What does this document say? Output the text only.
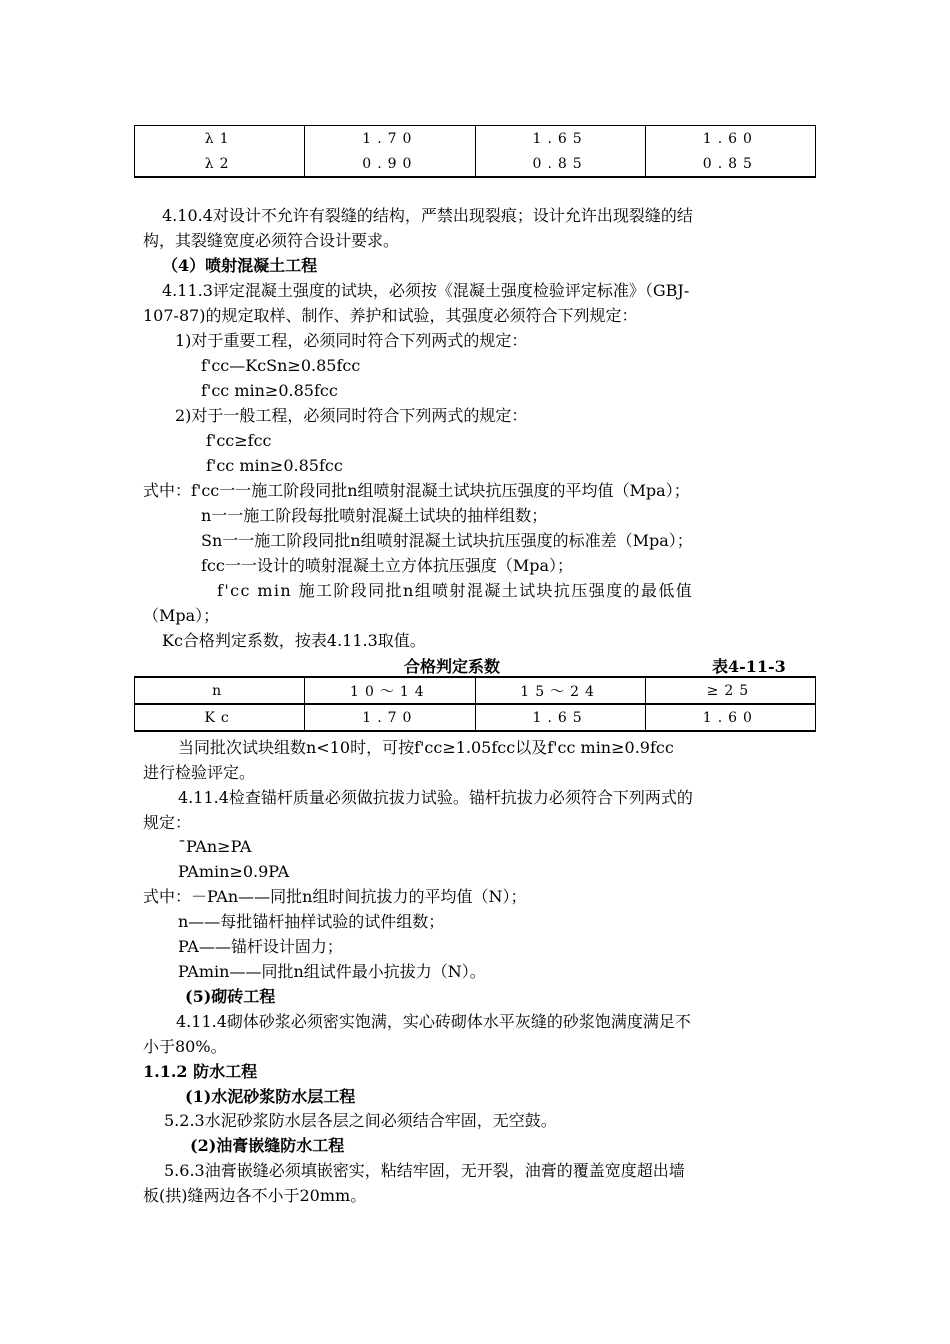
λ1	1.70	1.65	1.60
λ2	0.90	0.85	0.85
4.10.4对设计不允许有裂缝的结构，严禁出现裂痕；设计允许出现裂缝的结
构，其裂缝宽度必须符合设计要求。
（4）喷射混凝土工程
4.11.3评定混凝土强度的试块，必须按《混凝土强度检验评定标准》（GBJ-
107-87)的规定取样、制作、养护和试验，其强度必须符合下列规定：
1)对于重要工程，必须同时符合下列两式的规定：
f'cc—KcSn≥0.85fcc
f'cc min≥0.85fcc
2)对于一般工程，必须同时符合下列两式的规定：
f'cc≥fcc
f'cc min≥0.85fcc
式中：f'cc一一施工阶段同批n组喷射混凝土试块抗压强度的平均值（Mpa）；
n一一施工阶段每批喷射混凝土试块的抽样组数；
Sn一一施工阶段同批n组喷射混凝土试块抗压强度的标准差（Mpa）；
fcc一一设计的喷射混凝土立方体抗压强度（Mpa）；
f'cc min 施工阶段同批n组喷射混凝土试块抗压强度的最低值
（Mpa）；
Kc合格判定系数，按表4.11.3取值。
合格判定系数	表4-11-3
n	10～14	15～24	≥25
Kc	1.70	1.65	1.60
当同批次试块组数n<10时，可按f'cc≥1.05fcc以及f'cc min≥0.9fcc
进行检验评定。
4.11.4检查锚杆质量必须做抗拔力试验。锚杆抗拔力必须符合下列两式的
规定：
¯PAn≥PA
PAmin≥0.9PA
式中：－PAn——同批n组时间抗拔力的平均值（N）；
n——每批锚杆抽样试验的试件组数；
PA——锚杆设计固力；
PAmin——同批n组试件最小抗拔力（N）。
(5)砌砖工程
4.11.4砌体砂浆必须密实饱满，实心砖砌体水平灰缝的砂浆饱满度满足不
小于80%。
1.1.2 防水工程
(1)水泥砂浆防水层工程
5.2.3水泥砂浆防水层各层之间必须结合牢固，无空鼓。
(2)油膏嵌缝防水工程
5.6.3油膏嵌缝必须填嵌密实，粘结牢固，无开裂，油膏的覆盖宽度超出墙
板(拱)缝两边各不小于20mm。
